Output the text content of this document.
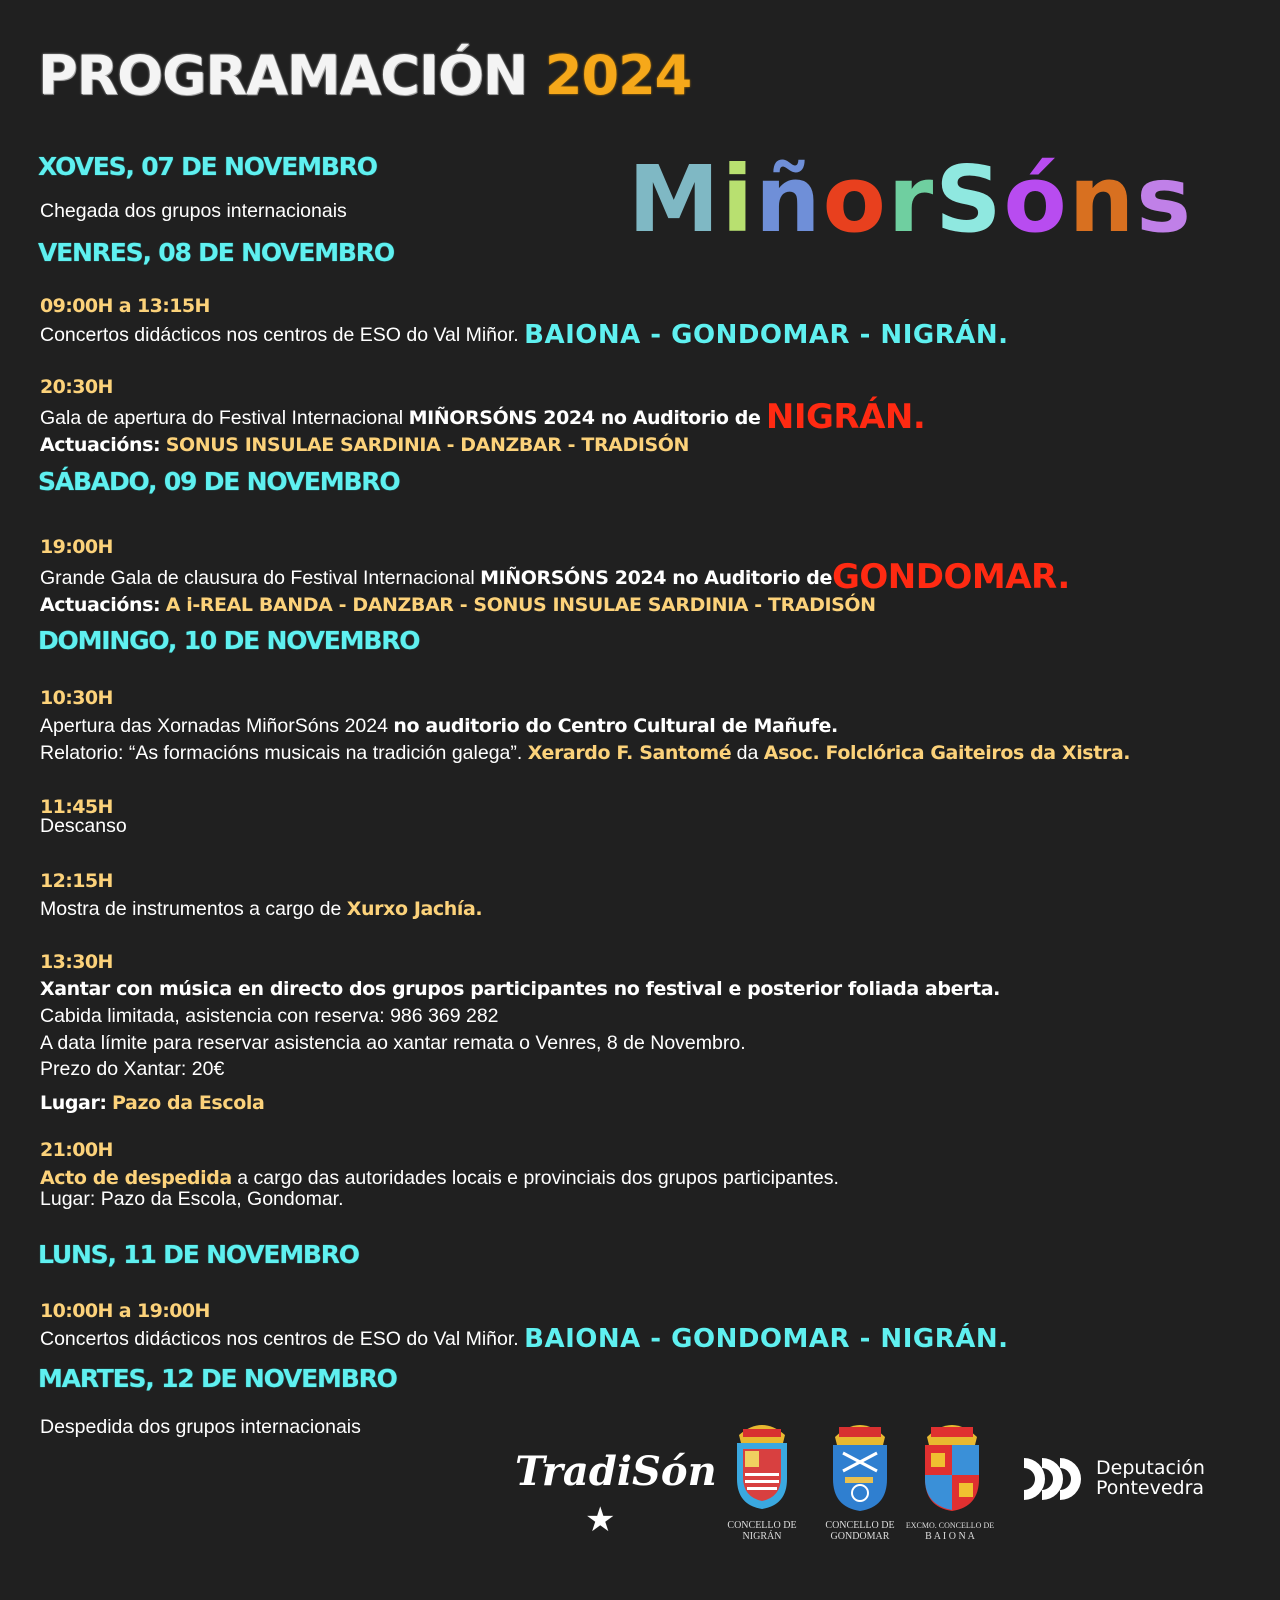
PROGRAMACIÓN 2024
MiñorSóns
XOVES, 07 DE NOVEMBRO
Chegada dos grupos internacionais
VENRES, 08 DE NOVEMBRO
09:00H a 13:15H
Concertos didácticos nos centros de ESO do Val Miñor. BAIONA - GONDOMAR - NIGRÁN.
20:30H
Gala de apertura do Festival Internacional MIÑORSÓNS 2024 no Auditorio de NIGRÁN.
Actuacións: SONUS INSULAE SARDINIA - DANZBAR - TRADISÓN
SÁBADO, 09 DE NOVEMBRO
19:00H
Grande Gala de clausura do Festival Internacional MIÑORSÓNS 2024 no Auditorio deGONDOMAR.
Actuacións: A i-REAL BANDA - DANZBAR - SONUS INSULAE SARDINIA - TRADISÓN
DOMINGO, 10 DE NOVEMBRO
10:30H
Apertura das Xornadas MiñorSóns 2024 no auditorio do Centro Cultural de Mañufe.
Relatorio: “As formacións musicais na tradición galega”. Xerardo F. Santomé da Asoc. Folclórica Gaiteiros da Xistra.
11:45H
Descanso
12:15H
Mostra de instrumentos a cargo de Xurxo Jachía.
13:30H
Xantar con música en directo dos grupos participantes no festival e posterior foliada aberta.
Cabida limitada, asistencia con reserva: 986 369 282
A data límite para reservar asistencia ao xantar remata o Venres, 8 de Novembro.
Prezo do Xantar: 20€
Lugar: Pazo da Escola
21:00H
Acto de despedida a cargo das autoridades locais e provinciais dos grupos participantes.
Lugar: Pazo da Escola, Gondomar.
LUNS, 11 DE NOVEMBRO
10:00H a 19:00H
Concertos didácticos nos centros de ESO do Val Miñor. BAIONA - GONDOMAR - NIGRÁN.
MARTES, 12 DE NOVEMBRO
Despedida dos grupos internacionais
TradiSón
★	CONCELLO DE
NIGRÁN
CONCELLO DE
GONDOMAR
EXCMO. CONCELLO DE
B A I O N A
Deputación
Pontevedra
